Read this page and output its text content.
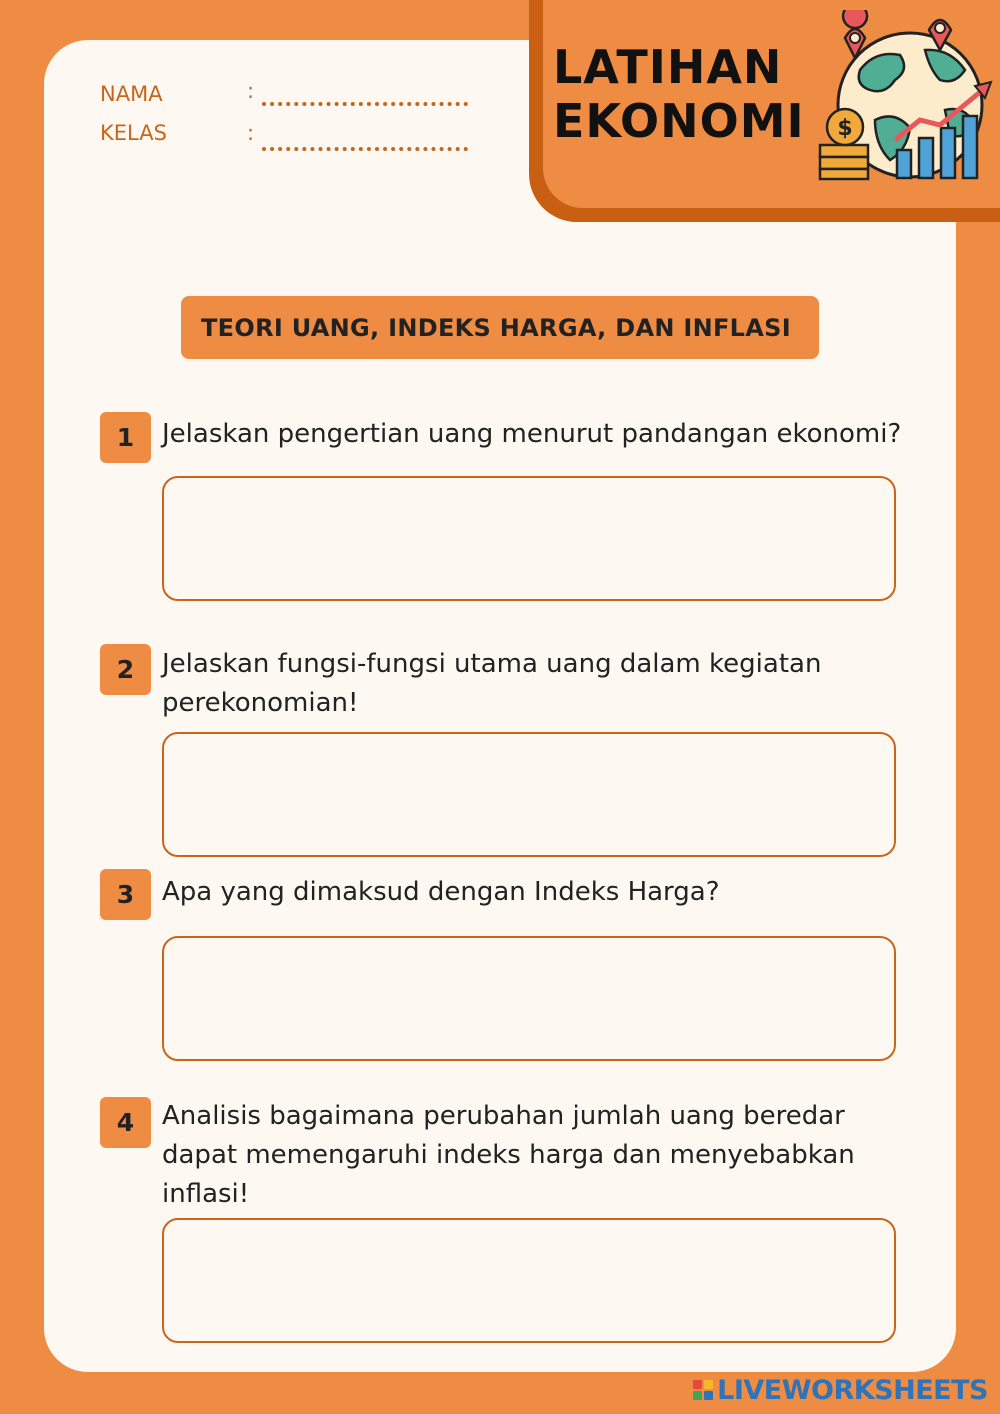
LATIHAN
EKONOMI $
NAMA	:
KELAS	:
TEORI UANG, INDEKS HARGA, DAN INFLASI
1	Jelaskan pengertian uang menurut pandangan ekonomi?

2	Jelaskan fungsi-fungsi utama uang dalam kegiatan perekonomian!

3	Apa yang dimaksud dengan Indeks Harga?

4	Analisis bagaimana perubahan jumlah uang beredar dapat memengaruhi indeks harga dan menyebabkan inflasi!

LIVEWORKSHEETS
